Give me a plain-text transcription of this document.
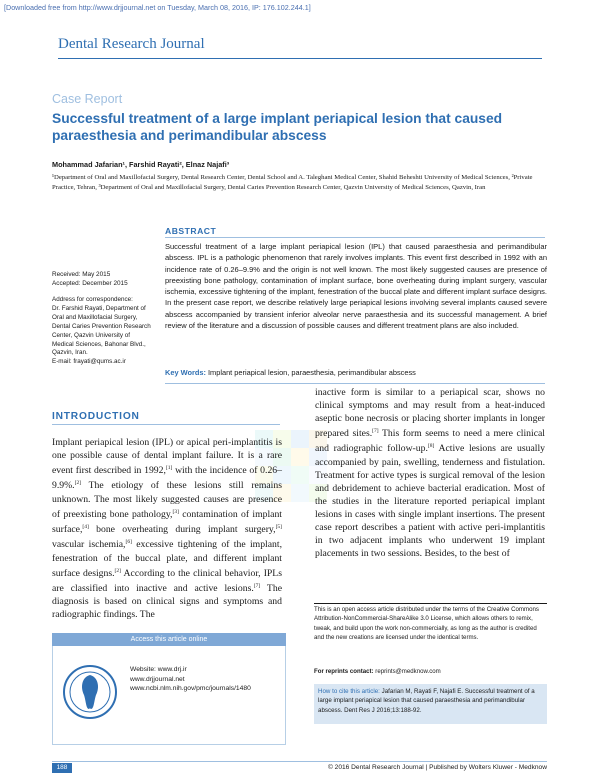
[Downloaded free from http://www.drjjournal.net on Tuesday, March 08, 2016, IP: 176.102.244.1]
Dental Research Journal
Case Report
Successful treatment of a large implant periapical lesion that caused paraesthesia and perimandibular abscess
Mohammad Jafarian¹, Farshid Rayati², Elnaz Najafi³
¹Department of Oral and Maxillofacial Surgery, Dental Research Center, Dental School and A. Taleghani Medical Center, Shahid Beheshti University of Medical Sciences, ²Private Practice, Tehran, ³Department of Oral and Maxillofacial Surgery, Dental Caries Prevention Research Center, Qazvin University of Medical Sciences, Qazvin, Iran
ABSTRACT
Successful treatment of a large implant periapical lesion (IPL) that caused paraesthesia and perimandibular abscess. IPL is a pathologic phenomenon that rarely involves implants. This event first described in 1992 with an incidence rate of 0.26–9.9% and the origin is not well known. The most likely suggested causes are presence of preexisting bone pathology, contamination of implant surface, bone overheating during implant surgery, vascular ischemia, excessive tightening of the implant, fenestration of the buccal plate and different implant surface designs. In the present case report, we describe relatively large periapical lesions involving several implants caused severe abscess accompanied by transient inferior alveolar nerve paraesthesia and its successful management. A brief review of the literature and a discussion of possible causes and different treatment plans are also included.
Received: May 2015
Accepted: December 2015
Address for correspondence:
Dr. Farshid Rayati, Department of Oral and Maxillofacial Surgery, Dental Caries Prevention Research Center, Qazvin University of Medical Sciences, Bahonar Blvd., Qazvin, Iran.
E-mail: frayati@qums.ac.ir
Key Words: Implant periapical lesion, paraesthesia, perimandibular abscess
INTRODUCTION

Implant periapical lesion (IPL) or apical peri-implantitis is one possible cause of dental implant failure. It is a rare event first described in 1992,[1] with the incidence of 0.26–9.9%.[2] The etiology of these lesions still remains unknown. The most likely suggested causes are presence of preexisting bone pathology,[3] contamination of implant surface,[4] bone overheating during implant surgery,[5] vascular ischemia,[6] excessive tightening of the implant, fenestration of the buccal plate, and different implant surface designs.[2] According to the clinical behavior, IPLs are classified into inactive and active lesions.[7] The diagnosis is based on clinical signs and symptoms and radiographic findings. The

inactive form is similar to a periapical scar, shows no clinical symptoms and may result from a heat-induced aseptic bone necrosis or placing shorter implants in longer prepared sites.[7] This form seems to need a mere clinical and radiographic follow-up.[8] Active lesions are usually accompanied by pain, swelling, tenderness and fistulation. Treatment for active types is surgical removal of the lesion and debridement to achieve bacterial eradication. Most of the studies in the literature reported periapical implant lesions in cases with single implant insertions. The present case report describes a patient with active peri-implantitis in two adjacent implants who underwent 19 implant placements in two sessions. Besides, to the best of

Access this article online
Website: www.drj.ir
www.drjjournal.net
www.ncbi.nlm.nih.gov/pmc/journals/1480
This is an open access article distributed under the terms of the Creative Commons Attribution-NonCommercial-ShareAlike 3.0 License, which allows others to remix, tweak, and build upon the work non-commercially, as long as the author is credited and the new creations are licensed under the identical terms.
For reprints contact: reprints@medknow.com
How to cite this article: Jafarian M, Rayati F, Najafi E. Successful treatment of a large implant periapical lesion that caused paraesthesia and perimandibular abscess. Dent Res J 2016;13:188-92.
188	© 2016 Dental Research Journal | Published by Wolters Kluwer - Medknow
